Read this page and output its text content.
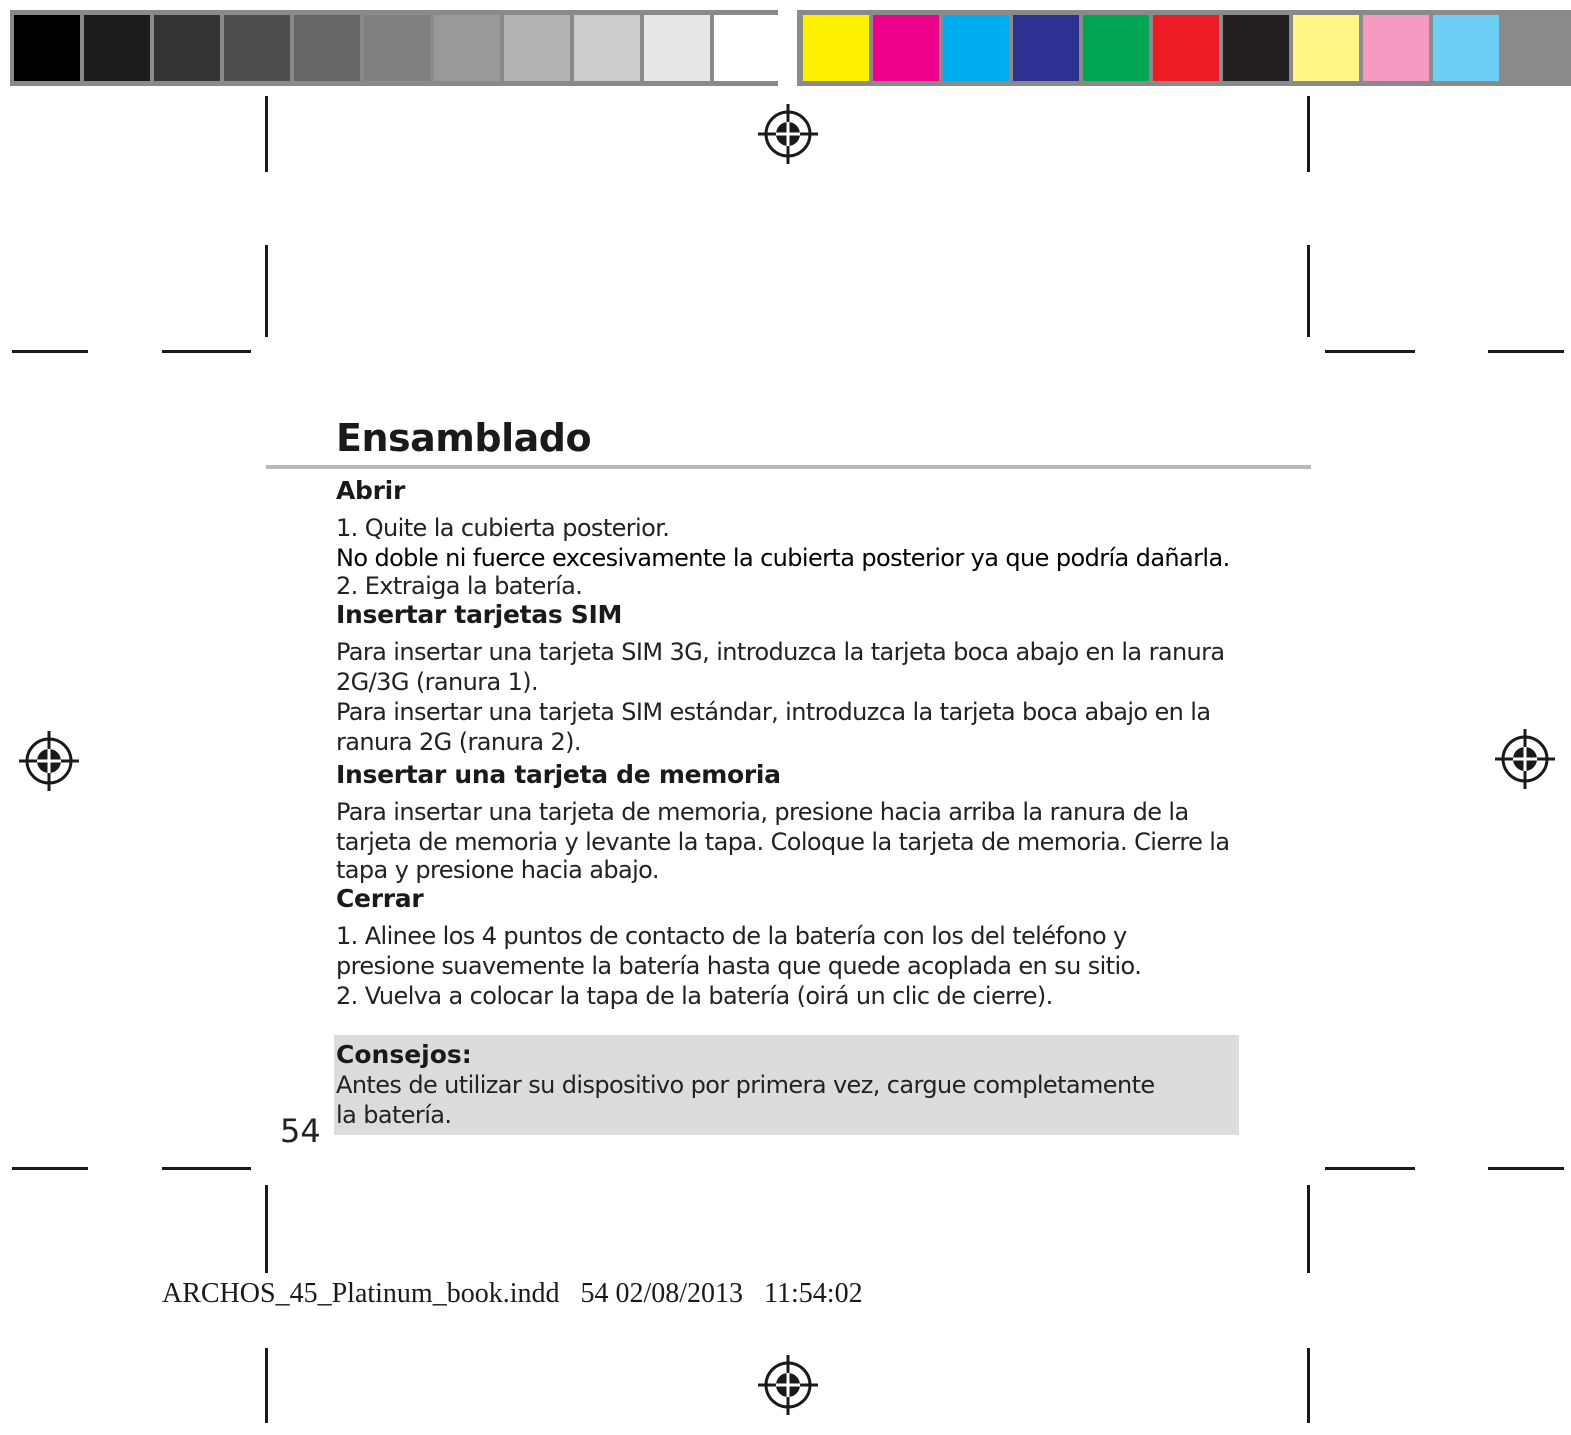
Ensamblado
Abrir
1. Quite la cubierta posterior.
No doble ni fuerce excesivamente la cubierta posterior ya que podría dañarla.
2. Extraiga la batería.
Insertar tarjetas SIM
Para insertar una tarjeta SIM 3G, introduzca la tarjeta boca abajo en la ranura
2G/3G (ranura 1).
Para insertar una tarjeta SIM estándar, introduzca la tarjeta boca abajo en la
ranura 2G (ranura 2).
Insertar una tarjeta de memoria
Para insertar una tarjeta de memoria, presione hacia arriba la ranura de la
tarjeta de memoria y levante la tapa. Coloque la tarjeta de memoria. Cierre la
tapa y presione hacia abajo.
Cerrar
1. Alinee los 4 puntos de contacto de la batería con los del teléfono y
presione suavemente la batería hasta que quede acoplada en su sitio.
2. Vuelva a colocar la tapa de la batería (oirá un clic de cierre).
Consejos:
Antes de utilizar su dispositivo por primera vez, cargue completamente
la batería.
54
ARCHOS_45_Platinum_book.indd 54 02/08/2013 11:54:02
